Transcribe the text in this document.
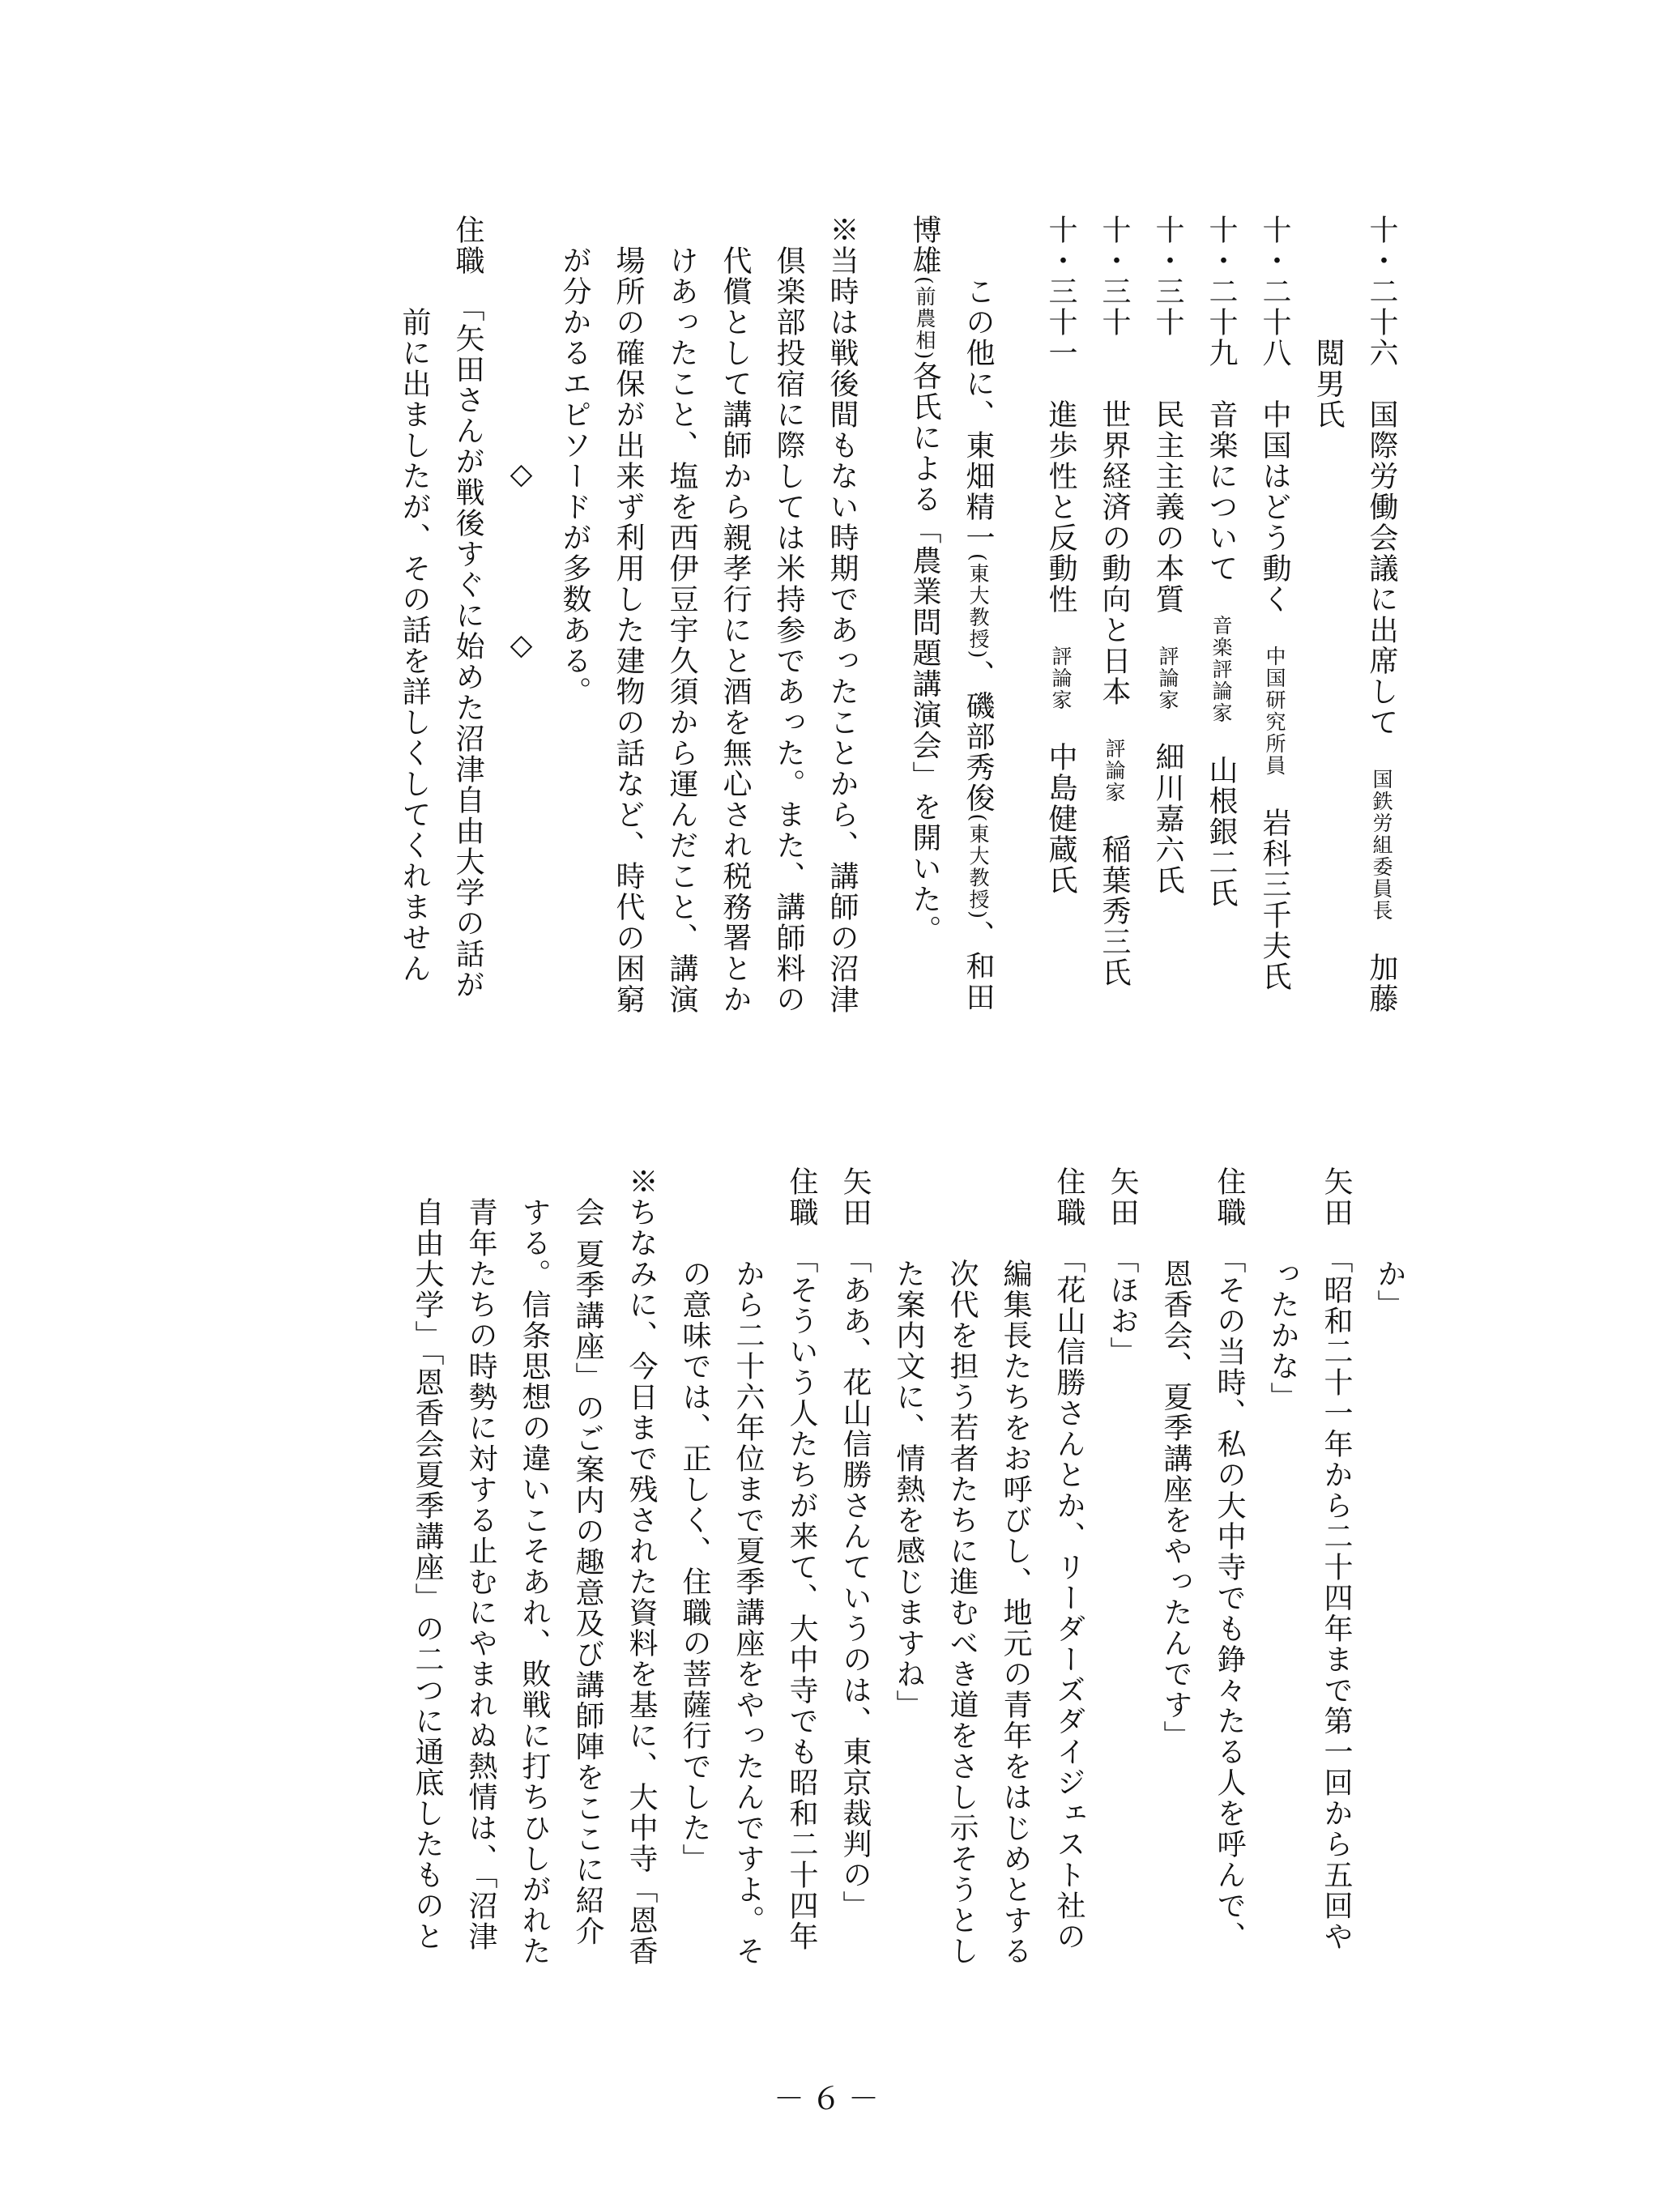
十・二十六　国際労働会議に出席して　国鉄労組委員長　加藤
　　　　閲男氏
十・二十八　中国はどう動く　中国研究所員　岩科三千夫氏
十・二十九　音楽について　音楽評論家　山根銀二氏
十・三十　　民主主義の本質　評論家　細川嘉六氏
十・三十　　世界経済の動向と日本　評論家　稲葉秀三氏
十・三十一　進歩性と反動性　評論家　中島健蔵氏
　　この他に、東畑精一(東大教授)、磯部秀俊(東大教授)、和田
博雄(前農相)各氏による「農業問題講演会」を開いた。
※当時は戦後間もない時期であったことから、講師の沼津
　倶楽部投宿に際しては米持参であった。また、講師料の
　代償として講師から親孝行にと酒を無心され税務署とか
　けあったこと、塩を西伊豆宇久須から運んだこと、講演
　場所の確保が出来ず利用した建物の話など、時代の困窮
　が分かるエピソードが多数ある。
◇◇
住職　「矢田さんが戦後すぐに始めた沼津自由大学の話が
　　　前に出ましたが、その話を詳しくしてくれません
　　　か」
矢田　「昭和二十一年から二十四年まで第一回から五回や
　　　ったかな」
住職　「その当時、私の大中寺でも錚々たる人を呼んで、
　　　恩香会、夏季講座をやったんです」
矢田　「ほお」
住職　「花山信勝さんとか、リーダーズダイジェスト社の
　　　編集長たちをお呼びし、地元の青年をはじめとする
　　　次代を担う若者たちに進むべき道をさし示そうとし
　　　た案内文に、情熱を感じますね」
矢田　「ああ、花山信勝さんていうのは、東京裁判の」
住職　「そういう人たちが来て、大中寺でも昭和二十四年
　　　から二十六年位まで夏季講座をやったんですよ。そ
　　　の意味では、正しく、住職の菩薩行でした」
※ちなみに、今日まで残された資料を基に、大中寺「恩香
　会 夏季講座」のご案内の趣意及び講師陣をここに紹介
　する。信条思想の違いこそあれ、敗戦に打ちひしがれた
　青年たちの時勢に対する止むにやまれぬ熱情は、「沼津
　自由大学」「恩香会夏季講座」の二つに通底したものと
－６－
